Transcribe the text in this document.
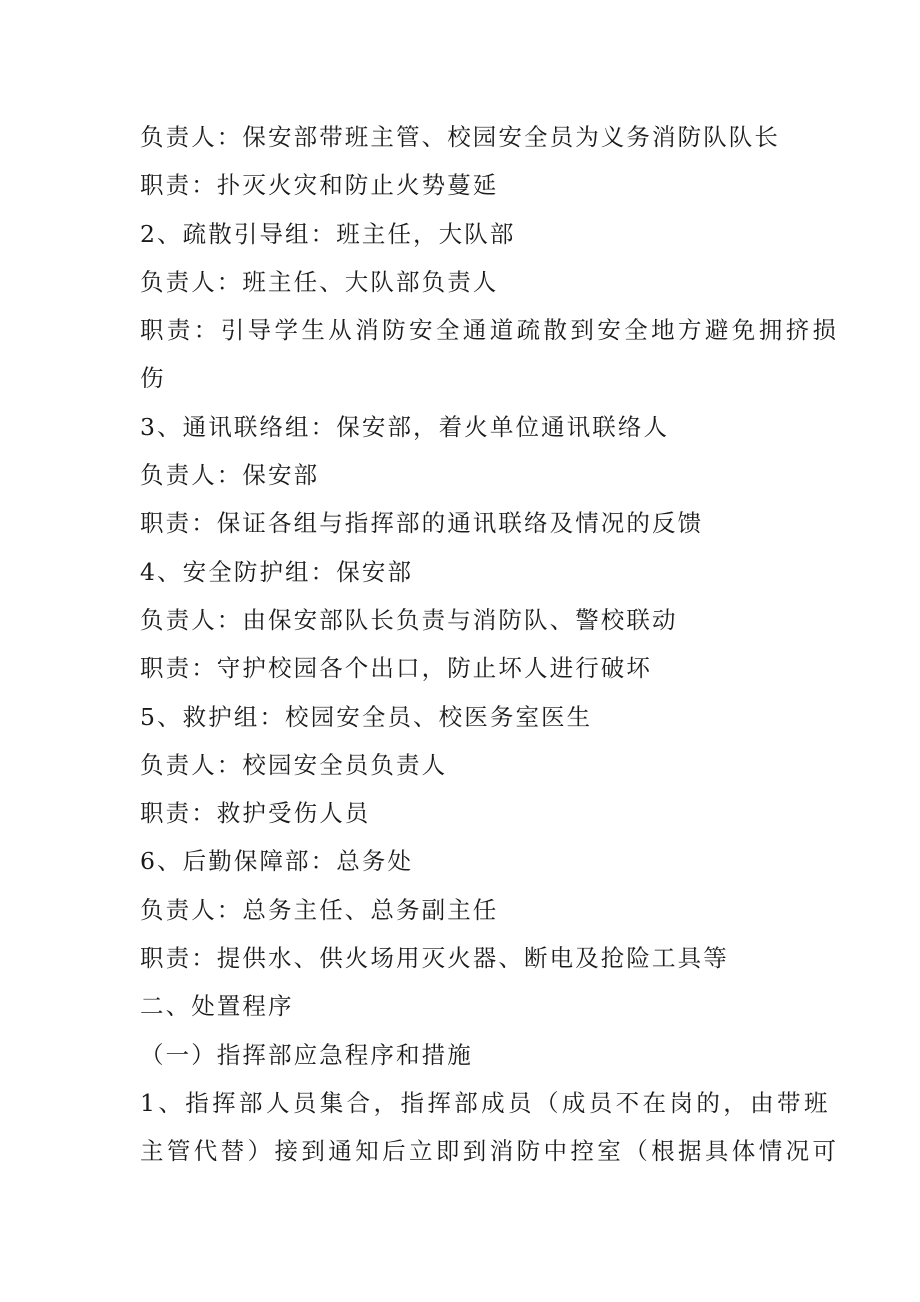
负责人：保安部带班主管、校园安全员为义务消防队队长
职责：扑灭火灾和防止火势蔓延
2、疏散引导组：班主任，大队部
负责人：班主任、大队部负责人
职责：引导学生从消防安全通道疏散到安全地方避免拥挤损
伤
3、通讯联络组：保安部，着火单位通讯联络人
负责人：保安部
职责：保证各组与指挥部的通讯联络及情况的反馈
4、安全防护组：保安部
负责人：由保安部队长负责与消防队、警校联动
职责：守护校园各个出口，防止坏人进行破坏
5、救护组：校园安全员、校医务室医生
负责人：校园安全员负责人
职责：救护受伤人员
6、后勤保障部：总务处
负责人：总务主任、总务副主任
职责：提供水、供火场用灭火器、断电及抢险工具等
二、处置程序
（一）指挥部应急程序和措施
1、指挥部人员集合，指挥部成员（成员不在岗的，由带班
主管代替）接到通知后立即到消防中控室（根据具体情况可
